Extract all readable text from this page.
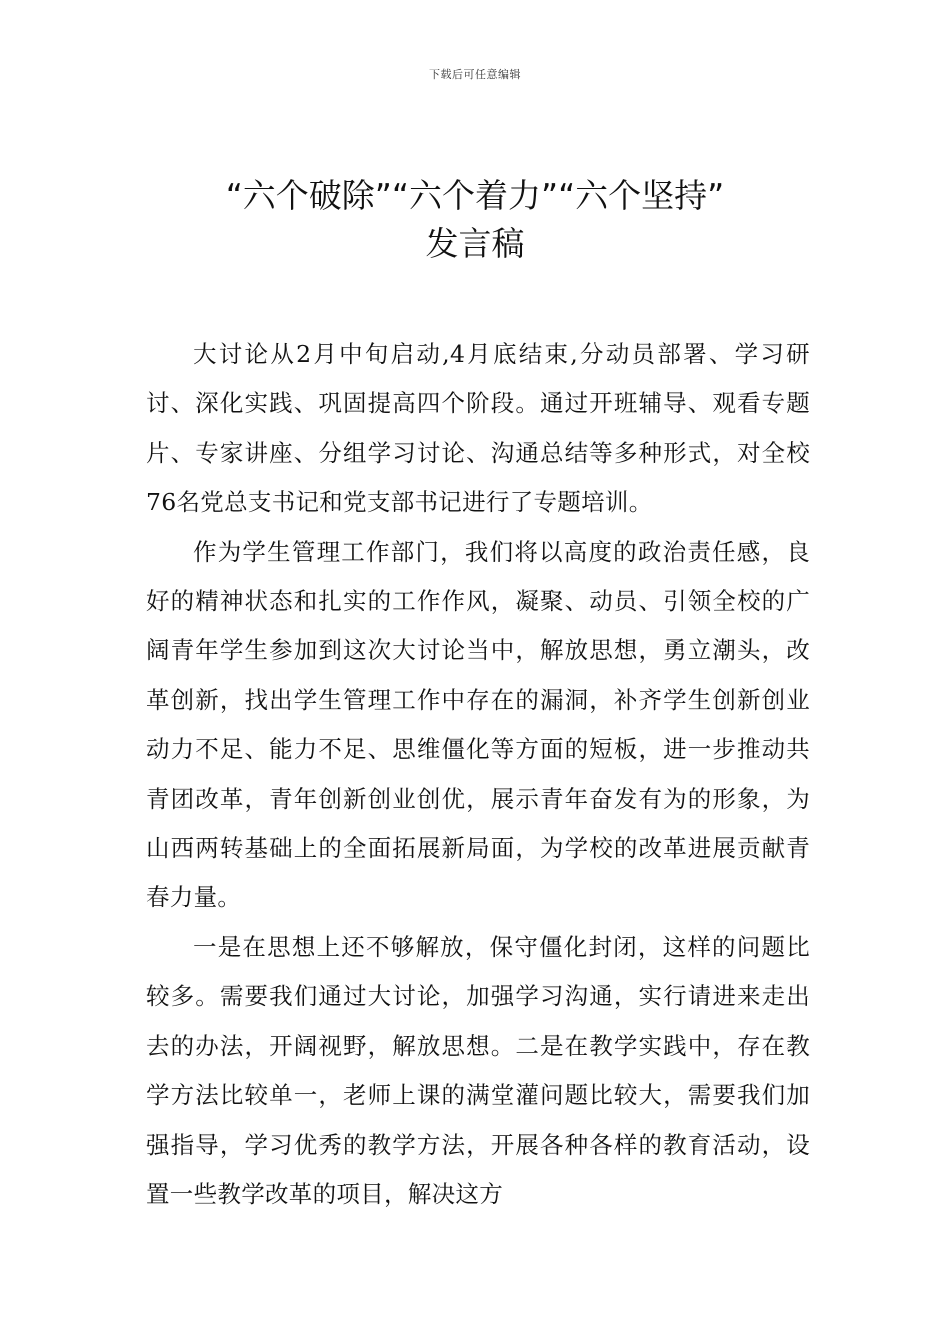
下载后可任意编辑
“六个破除”“六个着力”“六个坚持”
发言稿

大讨论从2月中旬启动,4月底结束,分动员部署、学习研讨、深化实践、巩固提高四个阶段。通过开班辅导、观看专题片、专家讲座、分组学习讨论、沟通总结等多种形式，对全校76名党总支书记和党支部书记进行了专题培训。

作为学生管理工作部门，我们将以高度的政治责任感，良好的精神状态和扎实的工作作风，凝聚、动员、引领全校的广阔青年学生参加到这次大讨论当中，解放思想，勇立潮头，改革创新，找出学生管理工作中存在的漏洞，补齐学生创新创业动力不足、能力不足、思维僵化等方面的短板，进一步推动共青团改革，青年创新创业创优，展示青年奋发有为的形象，为山西两转基础上的全面拓展新局面，为学校的改革进展贡献青春力量。

一是在思想上还不够解放，保守僵化封闭，这样的问题比较多。需要我们通过大讨论，加强学习沟通，实行请进来走出去的办法，开阔视野，解放思想。二是在教学实践中，存在教学方法比较单一，老师上课的满堂灌问题比较大，需要我们加强指导，学习优秀的教学方法，开展各种各样的教育活动，设置一些教学改革的项目，解决这方
